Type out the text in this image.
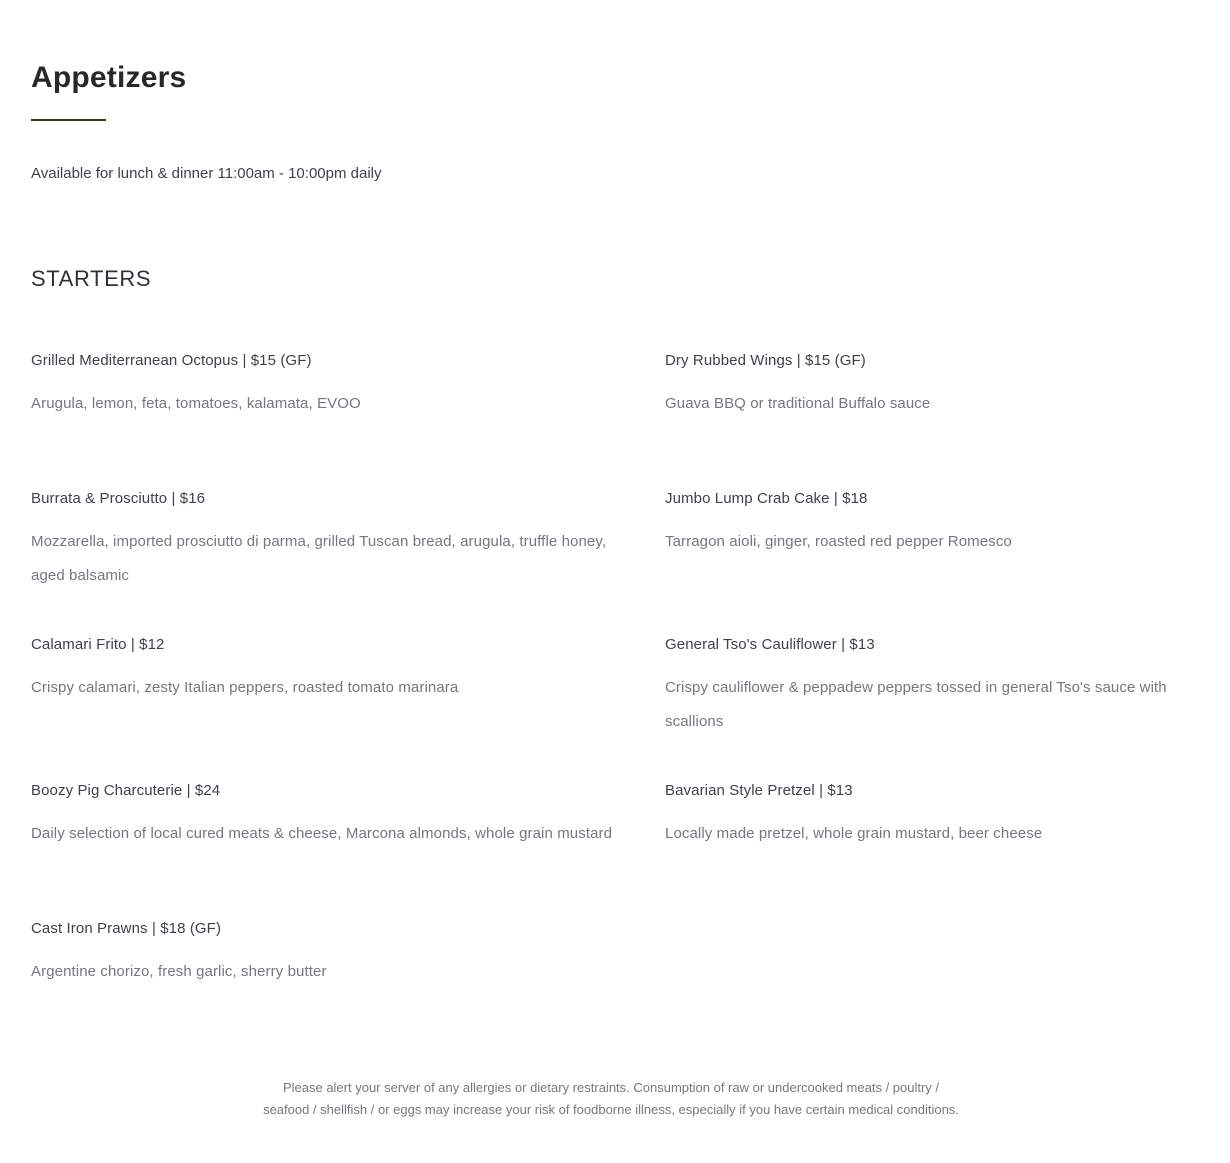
Appetizers
Available for lunch & dinner 11:00am - 10:00pm daily
STARTERS
Grilled Mediterranean Octopus | $15 (GF)
Arugula, lemon, feta, tomatoes, kalamata, EVOO
Dry Rubbed Wings | $15 (GF)
Guava BBQ or traditional Buffalo sauce
Burrata & Prosciutto | $16
Mozzarella, imported prosciutto di parma, grilled Tuscan bread, arugula, truffle honey, aged balsamic
Jumbo Lump Crab Cake | $18
Tarragon aioli, ginger, roasted red pepper Romesco
Calamari Frito | $12
Crispy calamari, zesty Italian peppers, roasted tomato marinara
General Tso's Cauliflower | $13
Crispy cauliflower & peppadew peppers tossed in general Tso's sauce with scallions
Boozy Pig Charcuterie | $24
Daily selection of local cured meats & cheese, Marcona almonds, whole grain mustard
Bavarian Style Pretzel | $13
Locally made pretzel, whole grain mustard, beer cheese
Cast Iron Prawns | $18 (GF)
Argentine chorizo, fresh garlic, sherry butter
Please alert your server of any allergies or dietary restraints. Consumption of raw or undercooked meats / poultry /
seafood / shellfish / or eggs may increase your risk of foodborne illness, especially if you have certain medical conditions.
